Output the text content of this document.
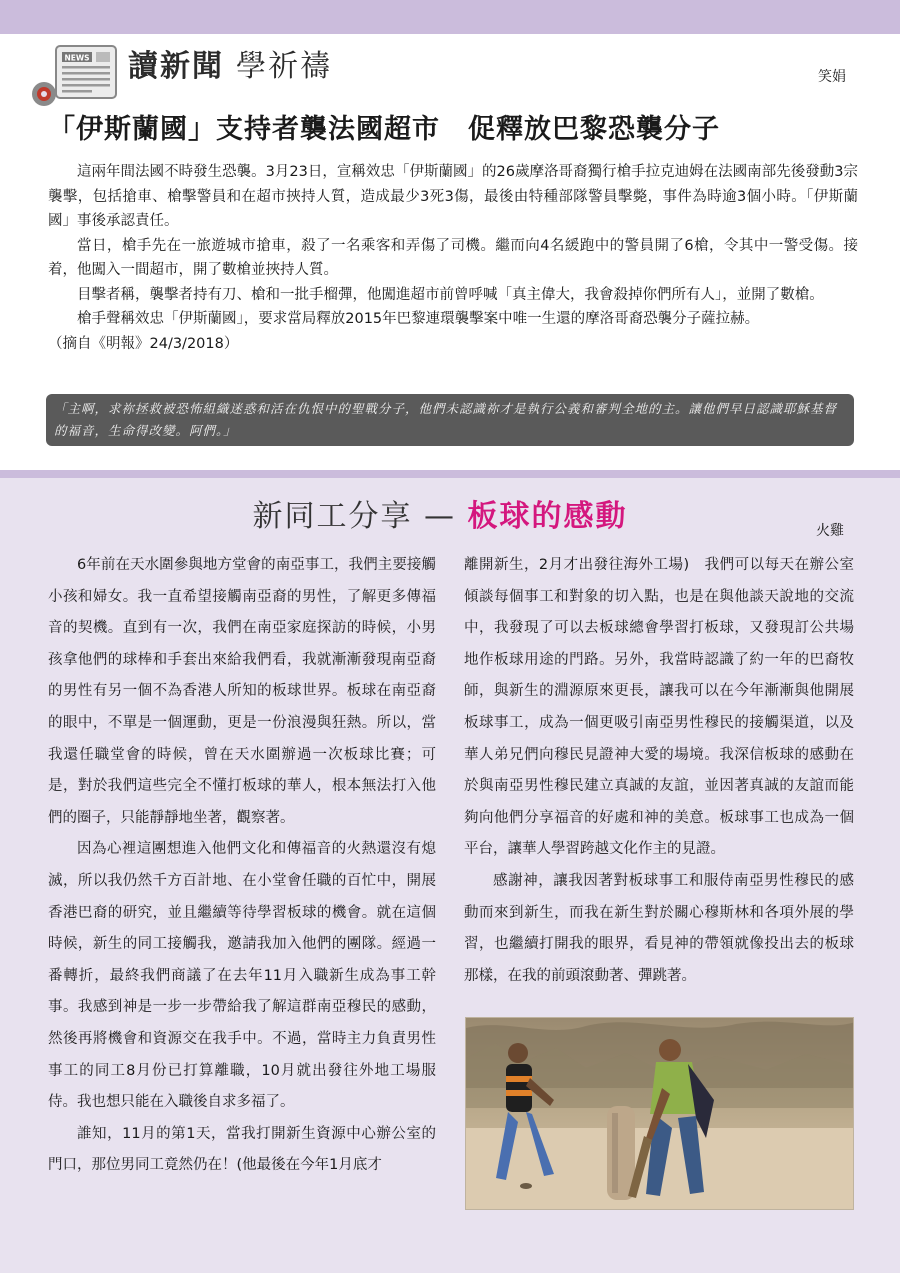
NEWS 讀新聞 學祈禱	笑娟
「伊斯蘭國」支持者襲法國超市　促釋放巴黎恐襲分子

這兩年間法國不時發生恐襲。3月23日，宣稱效忠「伊斯蘭國」的26歲摩洛哥裔獨行槍手拉克迪姆在法國南部先後發動3宗襲擊，包括搶車、槍擊警員和在超市挾持人質，造成最少3死3傷，最後由特種部隊警員擊斃，事件為時逾3個小時。「伊斯蘭國」事後承認責任。

當日，槍手先在一旅遊城市搶車，殺了一名乘客和弄傷了司機。繼而向4名緩跑中的警員開了6槍，令其中一警受傷。接着，他闖入一間超市，開了數槍並挾持人質。

目擊者稱，襲擊者持有刀、槍和一批手榴彈，他闖進超市前曾呼喊「真主偉大，我會殺掉你們所有人」，並開了數槍。

槍手聲稱效忠「伊斯蘭國」，要求當局釋放2015年巴黎連環襲擊案中唯一生還的摩洛哥裔恐襲分子薩拉赫。

（摘自《明報》24/3/2018）

「主啊，求祢拯救被恐怖組織迷惑和活在仇恨中的聖戰分子，他們未認識祢才是執行公義和審判全地的主。讓他們早日認識耶穌基督的福音，生命得改變。阿們。」
新同工分享 — 板球的感動	火雞

6年前在天水圍參與地方堂會的南亞事工，我們主要接觸小孩和婦女。我一直希望接觸南亞裔的男性，了解更多傳福音的契機。直到有一次，我們在南亞家庭探訪的時候，小男孩拿他們的球棒和手套出來給我們看，我就漸漸發現南亞裔的男性有另一個不為香港人所知的板球世界。板球在南亞裔的眼中，不單是一個運動，更是一份浪漫與狂熱。所以，當我還任職堂會的時候，曾在天水圍辦過一次板球比賽；可是，對於我們這些完全不懂打板球的華人，根本無法打入他們的圈子，只能靜靜地坐著，觀察著。

因為心裡這團想進入他們文化和傳福音的火熱還沒有熄滅，所以我仍然千方百計地、在小堂會任職的百忙中，開展香港巴裔的研究，並且繼續等待學習板球的機會。就在這個時候，新生的同工接觸我，邀請我加入他們的團隊。經過一番轉折，最終我們商議了在去年11月入職新生成為事工幹事。我感到神是一步一步帶給我了解這群南亞穆民的感動，然後再將機會和資源交在我手中。不過，當時主力負責男性事工的同工8月份已打算離職，10月就出發往外地工場服侍。我也想只能在入職後自求多福了。

誰知，11月的第1天，當我打開新生資源中心辦公室的門口，那位男同工竟然仍在！(他最後在今年1月底才

離開新生，2月才出發往海外工場)　我們可以每天在辦公室傾談每個事工和對象的切入點，也是在與他談天說地的交流中，我發現了可以去板球總會學習打板球，又發現訂公共場地作板球用途的門路。另外，我當時認識了約一年的巴裔牧師，與新生的淵源原來更長，讓我可以在今年漸漸與他開展板球事工，成為一個更吸引南亞男性穆民的接觸渠道，以及華人弟兄們向穆民見證神大愛的場境。我深信板球的感動在於與南亞男性穆民建立真誠的友誼，並因著真誠的友誼而能夠向他們分享福音的好處和神的美意。板球事工也成為一個平台，讓華人學習跨越文化作主的見證。

感謝神，讓我因著對板球事工和服侍南亞男性穆民的感動而來到新生，而我在新生對於關心穆斯林和各項外展的學習，也繼續打開我的眼界，看見神的帶領就像投出去的板球那樣，在我的前頭滾動著、彈跳著。
